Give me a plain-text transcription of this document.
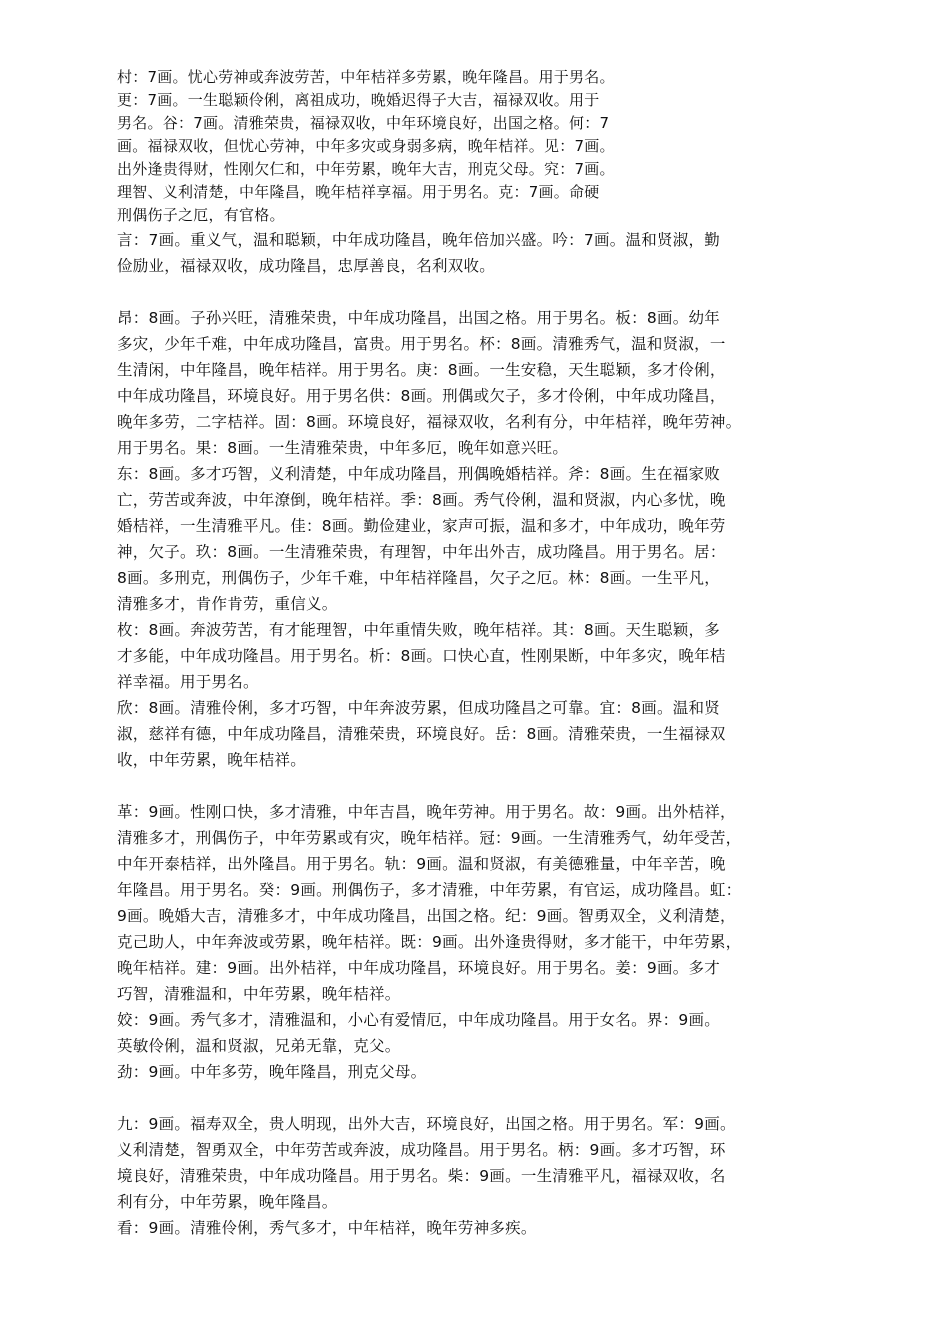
村：7画。忧心劳神或奔波劳苦，中年桔祥多劳累，晚年隆昌。用于男名。
更：7画。一生聪颖伶俐，离祖成功，晚婚迟得子大吉，福禄双收。用于
男名。谷：7画。清雅荣贵，福禄双收，中年环境良好，出国之格。何：7
画。福禄双收，但忧心劳神，中年多灾或身弱多病，晚年桔祥。见：7画。
出外逢贵得财，性刚欠仁和，中年劳累，晚年大吉，刑克父母。究：7画。
理智、义利清楚，中年隆昌，晚年桔祥享福。用于男名。克：7画。命硬
刑偶伤子之厄，有官格。
言：7画。重义气，温和聪颖，中年成功隆昌，晚年倍加兴盛。吟：7画。温和贤淑，勤
俭励业，福禄双收，成功隆昌，忠厚善良，名利双收。
昂：8画。子孙兴旺，清雅荣贵，中年成功隆昌，出国之格。用于男名。板：8画。幼年
多灾，少年千难，中年成功隆昌，富贵。用于男名。杯：8画。清雅秀气，温和贤淑，一
生清闲，中年隆昌，晚年桔祥。用于男名。庚：8画。一生安稳，天生聪颖，多才伶俐，
中年成功隆昌，环境良好。用于男名供：8画。刑偶或欠子，多才伶俐，中年成功隆昌，
晚年多劳，二字桔祥。固：8画。环境良好，福禄双收，名利有分，中年桔祥，晚年劳神。
用于男名。果：8画。一生清雅荣贵，中年多厄，晚年如意兴旺。
东：8画。多才巧智，义利清楚，中年成功隆昌，刑偶晚婚桔祥。斧：8画。生在福家败
亡，劳苦或奔波，中年潦倒，晚年桔祥。季：8画。秀气伶俐，温和贤淑，内心多忧，晚
婚桔祥，一生清雅平凡。佳：8画。勤俭建业，家声可振，温和多才，中年成功，晚年劳
神，欠子。玖：8画。一生清雅荣贵，有理智，中年出外吉，成功隆昌。用于男名。居：
8画。多刑克，刑偶伤子，少年千难，中年桔祥隆昌，欠子之厄。林：8画。一生平凡，
清雅多才，肯作肯劳，重信义。
枚：8画。奔波劳苦，有才能理智，中年重情失败，晚年桔祥。其：8画。天生聪颖，多
才多能，中年成功隆昌。用于男名。析：8画。口快心直，性刚果断，中年多灾，晚年桔
祥幸福。用于男名。
欣：8画。清雅伶俐，多才巧智，中年奔波劳累，但成功隆昌之可靠。宜：8画。温和贤
淑，慈祥有德，中年成功隆昌，清雅荣贵，环境良好。岳：8画。清雅荣贵，一生福禄双
收，中年劳累，晚年桔祥。
革：9画。性刚口快，多才清雅，中年吉昌，晚年劳神。用于男名。故：9画。出外桔祥，
清雅多才，刑偶伤子，中年劳累或有灾，晚年桔祥。冠：9画。一生清雅秀气，幼年受苦，
中年开泰桔祥，出外隆昌。用于男名。轨：9画。温和贤淑，有美德雅量，中年辛苦，晚
年隆昌。用于男名。癸：9画。刑偶伤子，多才清雅，中年劳累，有官运，成功隆昌。虹：
9画。晚婚大吉，清雅多才，中年成功隆昌，出国之格。纪：9画。智勇双全，义利清楚，
克己助人，中年奔波或劳累，晚年桔祥。既：9画。出外逢贵得财，多才能干，中年劳累，
晚年桔祥。建：9画。出外桔祥，中年成功隆昌，环境良好。用于男名。姜：9画。多才
巧智，清雅温和，中年劳累，晚年桔祥。
姣：9画。秀气多才，清雅温和，小心有爱情厄，中年成功隆昌。用于女名。界：9画。
英敏伶俐，温和贤淑，兄弟无靠，克父。
劲：9画。中年多劳，晚年隆昌，刑克父母。
九：9画。福寿双全，贵人明现，出外大吉，环境良好，出国之格。用于男名。军：9画。
义利清楚，智勇双全，中年劳苦或奔波，成功隆昌。用于男名。柄：9画。多才巧智，环
境良好，清雅荣贵，中年成功隆昌。用于男名。柴：9画。一生清雅平凡，福禄双收，名
利有分，中年劳累，晚年隆昌。
看：9画。清雅伶俐，秀气多才，中年桔祥，晚年劳神多疾。
